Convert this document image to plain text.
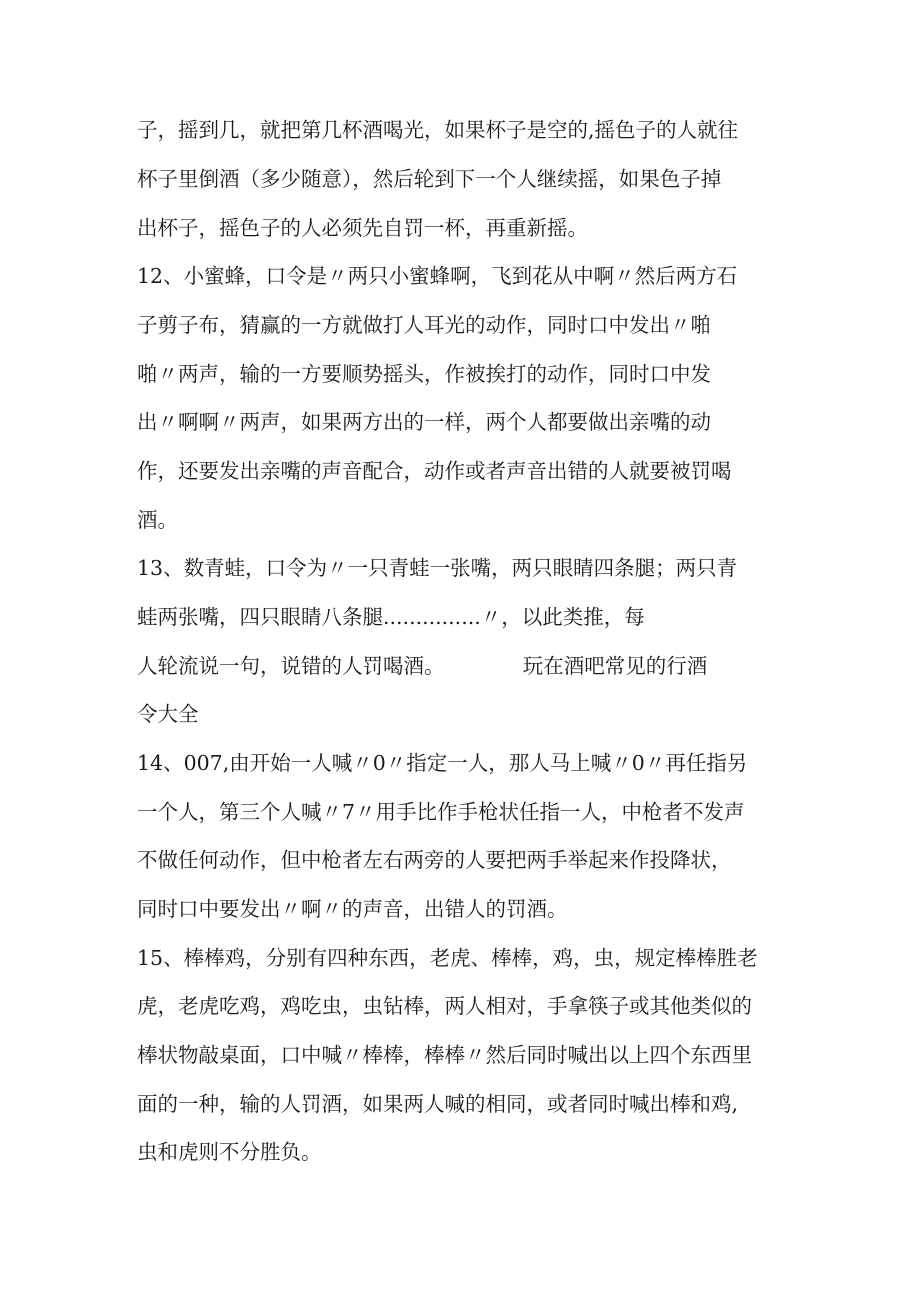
子，摇到几，就把第几杯酒喝光，如果杯子是空的,摇色子的人就往
杯子里倒酒（多少随意），然后轮到下一个人继续摇，如果色子掉
出杯子，摇色子的人必须先自罚一杯，再重新摇。
12、小蜜蜂，口令是〃两只小蜜蜂啊，飞到花从中啊〃然后两方石
子剪子布，猜赢的一方就做打人耳光的动作，同时口中发出〃啪
啪〃两声，输的一方要顺势摇头，作被挨打的动作，同时口中发
出〃啊啊〃两声，如果两方出的一样，两个人都要做出亲嘴的动
作，还要发出亲嘴的声音配合，动作或者声音出错的人就要被罚喝
酒。
13、数青蛙，口令为〃一只青蛙一张嘴，两只眼睛四条腿；两只青
蛙两张嘴，四只眼睛八条腿...............〃，以此类推，每
人轮流说一句，说错的人罚喝酒。            玩在酒吧常见的行酒
令大全
14、007,由开始一人喊〃0〃指定一人，那人马上喊〃0〃再任指另
一个人，第三个人喊〃7〃用手比作手枪状任指一人，中枪者不发声
不做任何动作，但中枪者左右两旁的人要把两手举起来作投降状，
同时口中要发出〃啊〃的声音，出错人的罚酒。
15、棒棒鸡，分别有四种东西，老虎、棒棒，鸡，虫，规定棒棒胜老
虎，老虎吃鸡，鸡吃虫，虫钻棒，两人相对，手拿筷子或其他类似的
棒状物敲桌面，口中喊〃棒棒，棒棒〃然后同时喊出以上四个东西里
面的一种，输的人罚酒，如果两人喊的相同，或者同时喊出棒和鸡,
虫和虎则不分胜负。
